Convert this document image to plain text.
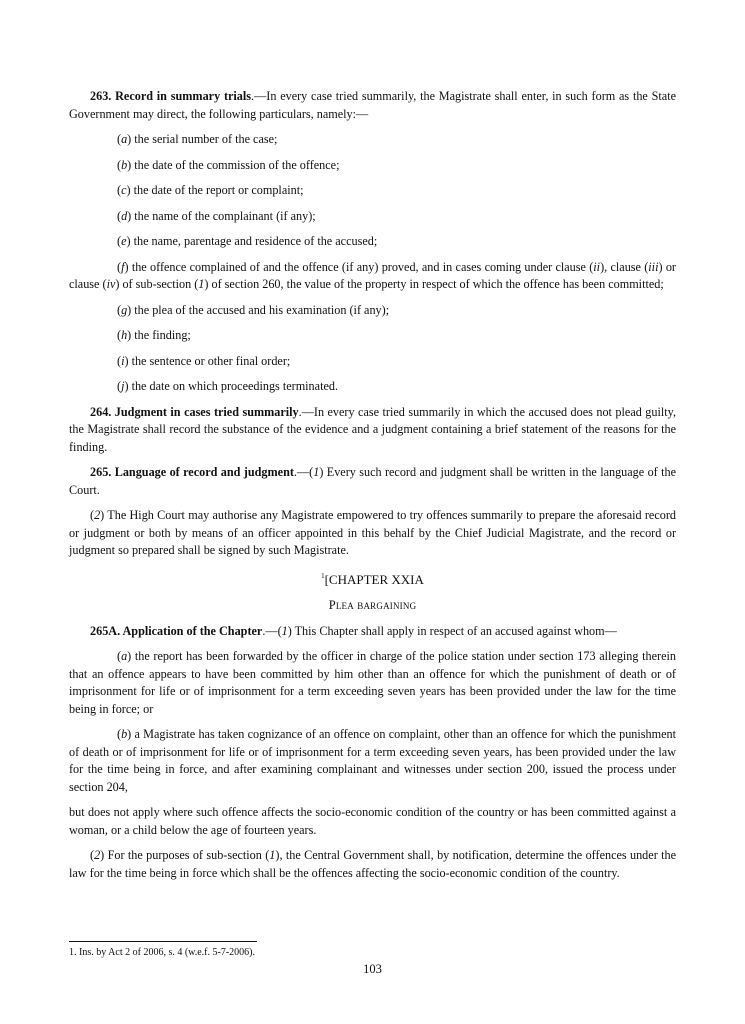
263. Record in summary trials.—In every case tried summarily, the Magistrate shall enter, in such form as the State Government may direct, the following particulars, namely:—

(a) the serial number of the case;

(b) the date of the commission of the offence;

(c) the date of the report or complaint;

(d) the name of the complainant (if any);

(e) the name, parentage and residence of the accused;

(f) the offence complained of and the offence (if any) proved, and in cases coming under clause (ii), clause (iii) or clause (iv) of sub-section (1) of section 260, the value of the property in respect of which the offence has been committed;

(g) the plea of the accused and his examination (if any);

(h) the finding;

(i) the sentence or other final order;

(j) the date on which proceedings terminated.

264. Judgment in cases tried summarily.—In every case tried summarily in which the accused does not plead guilty, the Magistrate shall record the substance of the evidence and a judgment containing a brief statement of the reasons for the finding.

265. Language of record and judgment.—(1) Every such record and judgment shall be written in the language of the Court.

(2) The High Court may authorise any Magistrate empowered to try offences summarily to prepare the aforesaid record or judgment or both by means of an officer appointed in this behalf by the Chief Judicial Magistrate, and the record or judgment so prepared shall be signed by such Magistrate.

$^1$[CHAPTER XXIA

Plea bargaining

265A. Application of the Chapter.—(1) This Chapter shall apply in respect of an accused against whom—

(a) the report has been forwarded by the officer in charge of the police station under section 173 alleging therein that an offence appears to have been committed by him other than an offence for which the punishment of death or of imprisonment for life or of imprisonment for a term exceeding seven years has been provided under the law for the time being in force; or

(b) a Magistrate has taken cognizance of an offence on complaint, other than an offence for which the punishment of death or of imprisonment for life or of imprisonment for a term exceeding seven years, has been provided under the law for the time being in force, and after examining complainant and witnesses under section 200, issued the process under section 204,

but does not apply where such offence affects the socio-economic condition of the country or has been committed against a woman, or a child below the age of fourteen years.

(2) For the purposes of sub-section (1), the Central Government shall, by notification, determine the offences under the law for the time being in force which shall be the offences affecting the socio-economic condition of the country.

1. Ins. by Act 2 of 2006, s. 4 (w.e.f. 5-7-2006).
103
